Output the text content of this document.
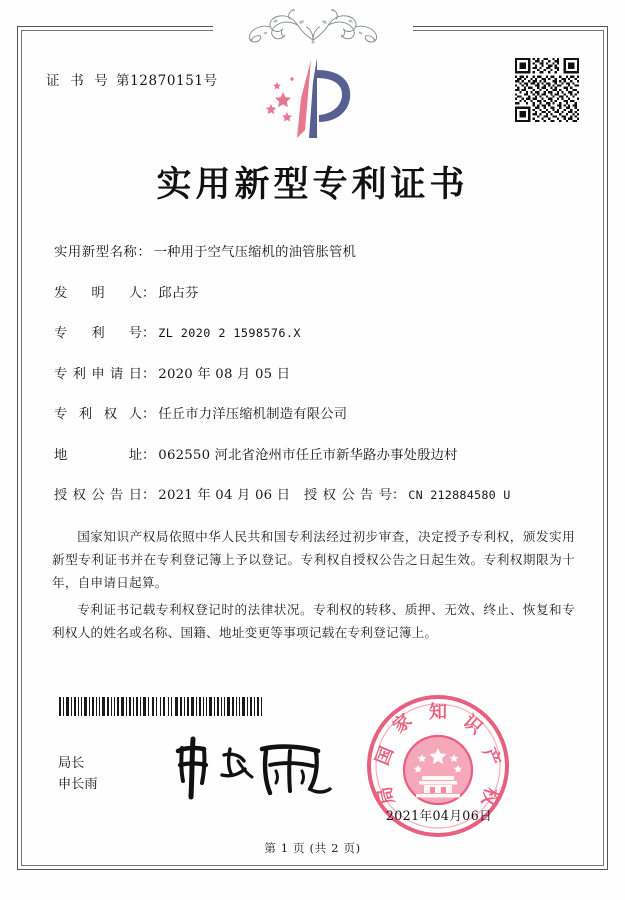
证 书 号 第12870151号
实用新型专利证书
实用新型名称 ： 一种用于空气压缩机的油管胀管机
发 明 人 ： 邱占芬
专 利 号 ： ZL 2020 2 1598576.X
专 利 申 请 日 ： 2020 年 08 月 05 日
专 利 权 人 ： 任丘市力洋压缩机制造有限公司
地	址 ： 062550 河北省沧州市任丘市新华路办事处殷边村
授 权 公 告 日 ： 2021 年 04 月 06 日 授 权 公 告 号 ： CN 212884580 U

国家知识产权局依照中华人民共和国专利法经过初步审查，决定授予专利权，颁发实用新型专利证书并在专利登记簿上予以登记。专利权自授权公告之日起生效。专利权期限为十年，自申请日起算。

专利证书记载专利权登记时的法律状况。专利权的转移、质押、无效、终止、恢复和专利权人的姓名或名称、国籍、地址变更等事项记载在专利登记簿上。

局长
申长雨
知
家
国
局
识
产
权
2021年04月06日
第 1 页 (共 2 页)
